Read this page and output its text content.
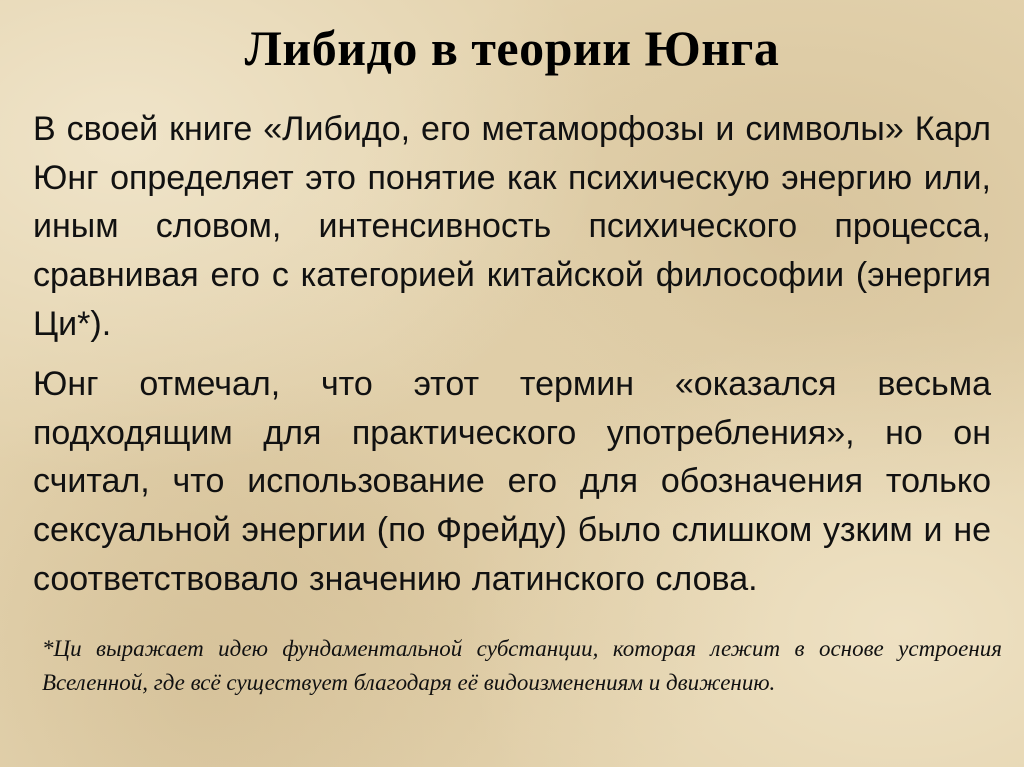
Либидо в теории Юнга

В своей книге «Либидо, его метаморфозы и символы» Карл Юнг определяет это понятие как психическую энергию или, иным словом, интенсивность психического процесса, сравнивая его с категорией китайской философии (энергия Ци*).

Юнг отмечал, что этот термин «оказался весьма подходящим для практического употребления», но он считал, что использование его для обозначения только сексуальной энергии (по Фрейду) было слишком узким и не соответствовало значению латинского слова.

*Ци выражает идею фундаментальной субстанции, которая лежит в основе устроения Вселенной, где всё существует благодаря её видоизменениям и движению.
